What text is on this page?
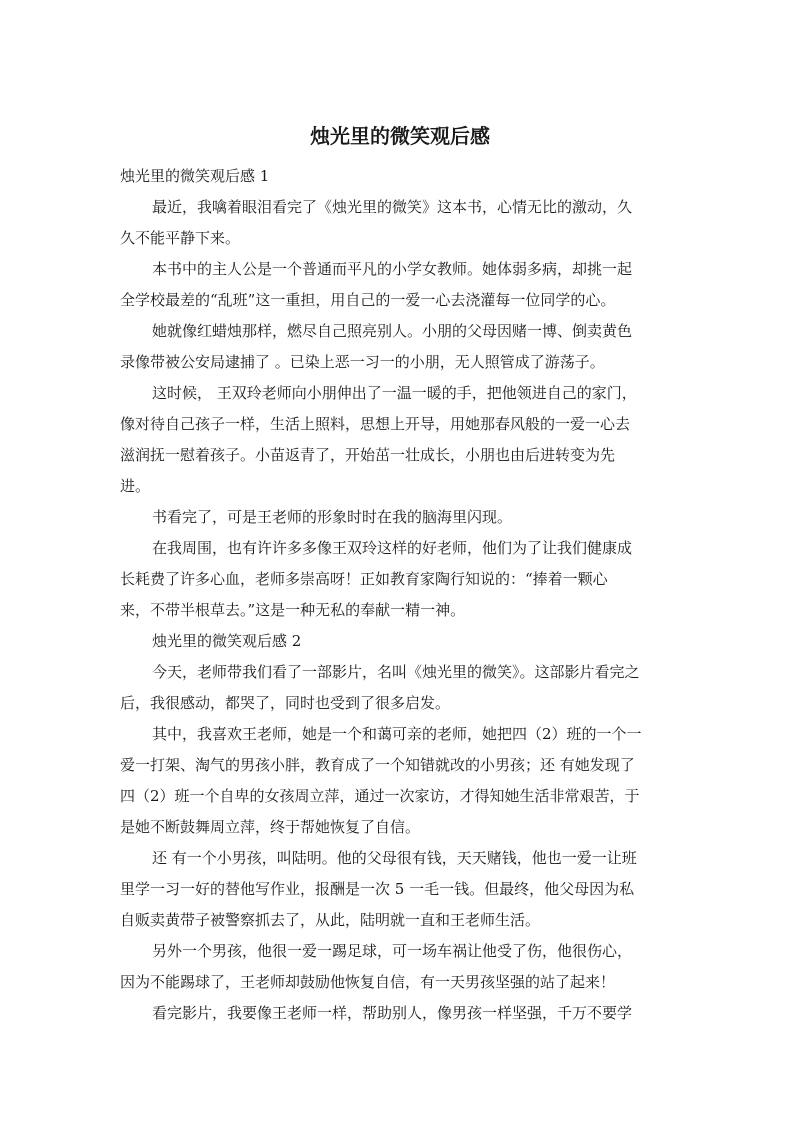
烛光里的微笑观后感

烛光里的微笑观后感 1

最近，我噙着眼泪看完了《烛光里的微笑》这本书，心情无比的激动，久

久不能平静下来。

本书中的主人公是一个普通而平凡的小学女教师。她体弱多病，却挑一起

全学校最差的“乱班”这一重担，用自己的一爱一心去浇灌每一位同学的心。

她就像红蜡烛那样，燃尽自己照亮别人。小朋的父母因赌一博、倒卖黄色

录像带被公安局逮捕了 。已染上恶一习一的小朋，无人照管成了游荡子。

这时候， 王双玲老师向小朋伸出了一温一暖的手，把他领进自己的家门，

像对待自己孩子一样，生活上照料，思想上开导，用她那春风般的一爱一心去

滋润抚一慰着孩子。小苗返青了，开始茁一壮成长，小朋也由后进转变为先

进。

书看完了，可是王老师的形象时时在我的脑海里闪现。

在我周围，也有许许多多像王双玲这样的好老师，他们为了让我们健康成

长耗费了许多心血，老师多崇高呀！正如教育家陶行知说的：“捧着一颗心

来，不带半根草去。”这是一种无私的奉献一精一神。

烛光里的微笑观后感 2

今天，老师带我们看了一部影片，名叫《烛光里的微笑》。这部影片看完之

后，我很感动，都哭了，同时也受到了很多启发。

其中，我喜欢王老师，她是一个和蔼可亲的老师，她把四（2）班的一个一

爱一打架、淘气的男孩小胖，教育成了一个知错就改的小男孩；还 有她发现了

四（2）班一个自卑的女孩周立萍，通过一次家访，才得知她生活非常艰苦，于

是她不断鼓舞周立萍，终于帮她恢复了自信。

还 有一个小男孩，叫陆明。他的父母很有钱，天天赌钱，他也一爱一让班

里学一习一好的替他写作业，报酬是一次 5 一毛一钱。但最终，他父母因为私

自贩卖黄带子被警察抓去了，从此，陆明就一直和王老师生活。

另外一个男孩，他很一爱一踢足球，可一场车祸让他受了伤，他很伤心，

因为不能踢球了，王老师却鼓励他恢复自信，有一天男孩坚强的站了起来！

看完影片，我要像王老师一样，帮助别人，像男孩一样坚强，千万不要学
